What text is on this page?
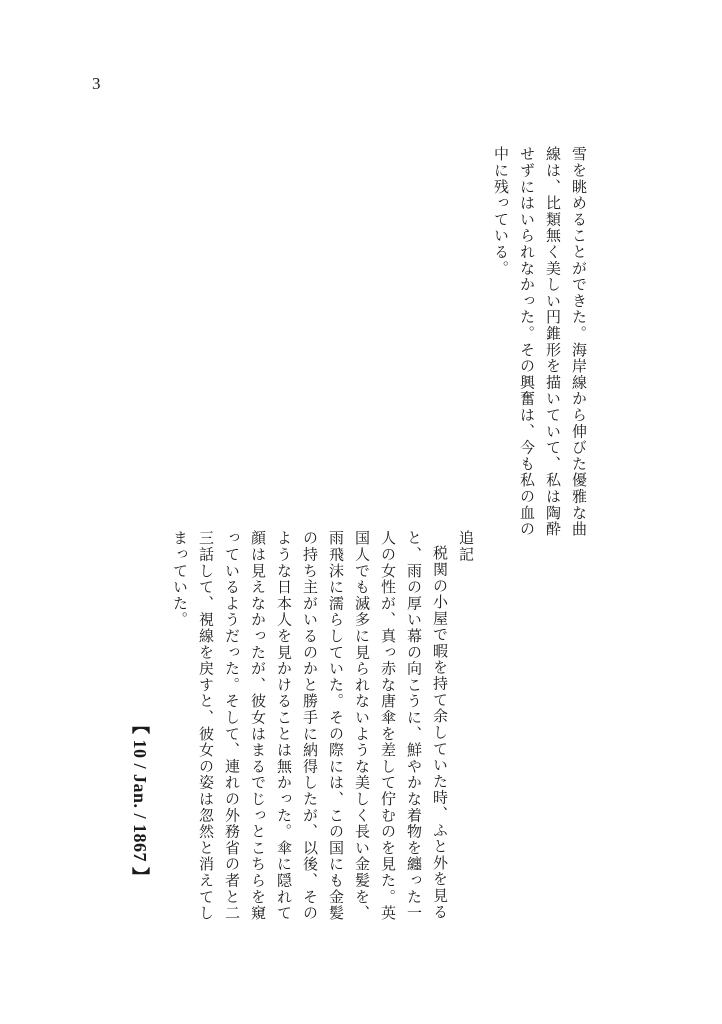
3
雪を眺めることができた。海岸線から伸びた優雅な曲
線は、比類無く美しい円錐形を描いていて、私は陶酔
せずにはいられなかった。その興奮は、今も私の血の
中に残っている。
追記
税関の小屋で暇を持て余していた時、ふと外を見る
と、雨の厚い幕の向こうに、鮮やかな着物を纏った一
人の女性が、真っ赤な唐傘を差して佇むのを見た。英
国人でも滅多に見られないような美しく長い金髪を、
雨飛沫に濡らしていた。その際には、この国にも金髪
の持ち主がいるのかと勝手に納得したが、以後、その
ような日本人を見かけることは無かった。傘に隠れて
顔は見えなかったが、彼女はまるでじっとこちらを窺
っているようだった。そして、連れの外務省の者と二
三話して、視線を戻すと、彼女の姿は忽然と消えてし
まっていた。
【 10 / Jan. / 1867 】
